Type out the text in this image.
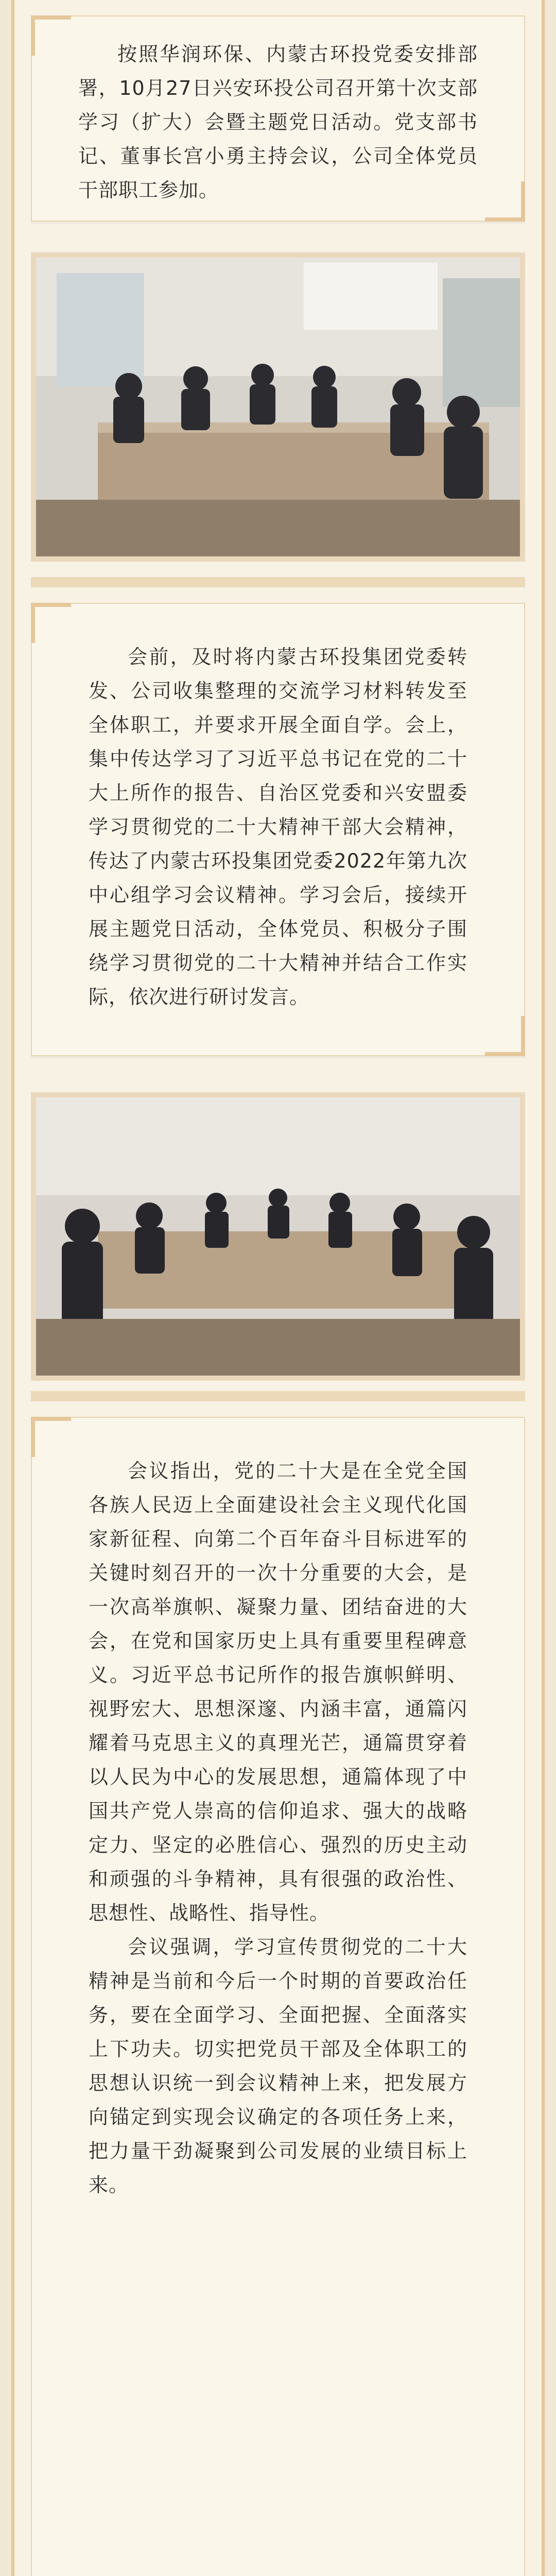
按照华润环保、内蒙古环投党委安排部署，10月27日兴安环投公司召开第十次支部学习（扩大）会暨主题党日活动。党支部书记、董事长宫小勇主持会议，公司全体党员干部职工参加。

会前，及时将内蒙古环投集团党委转发、公司收集整理的交流学习材料转发至全体职工，并要求开展全面自学。会上，集中传达学习了习近平总书记在党的二十大上所作的报告、自治区党委和兴安盟委学习贯彻党的二十大精神干部大会精神，传达了内蒙古环投集团党委2022年第九次中心组学习会议精神。学习会后，接续开展主题党日活动，全体党员、积极分子围绕学习贯彻党的二十大精神并结合工作实际，依次进行研讨发言。

会议指出，党的二十大是在全党全国各族人民迈上全面建设社会主义现代化国家新征程、向第二个百年奋斗目标进军的关键时刻召开的一次十分重要的大会，是一次高举旗帜、凝聚力量、团结奋进的大会，在党和国家历史上具有重要里程碑意义。习近平总书记所作的报告旗帜鲜明、视野宏大、思想深邃、内涵丰富，通篇闪耀着马克思主义的真理光芒，通篇贯穿着以人民为中心的发展思想，通篇体现了中国共产党人崇高的信仰追求、强大的战略定力、坚定的必胜信心、强烈的历史主动和顽强的斗争精神，具有很强的政治性、思想性、战略性、指导性。

会议强调，学习宣传贯彻党的二十大精神是当前和今后一个时期的首要政治任务，要在全面学习、全面把握、全面落实上下功夫。切实把党员干部及全体职工的思想认识统一到会议精神上来，把发展方向锚定到实现会议确定的各项任务上来，把力量干劲凝聚到公司发展的业绩目标上来。
